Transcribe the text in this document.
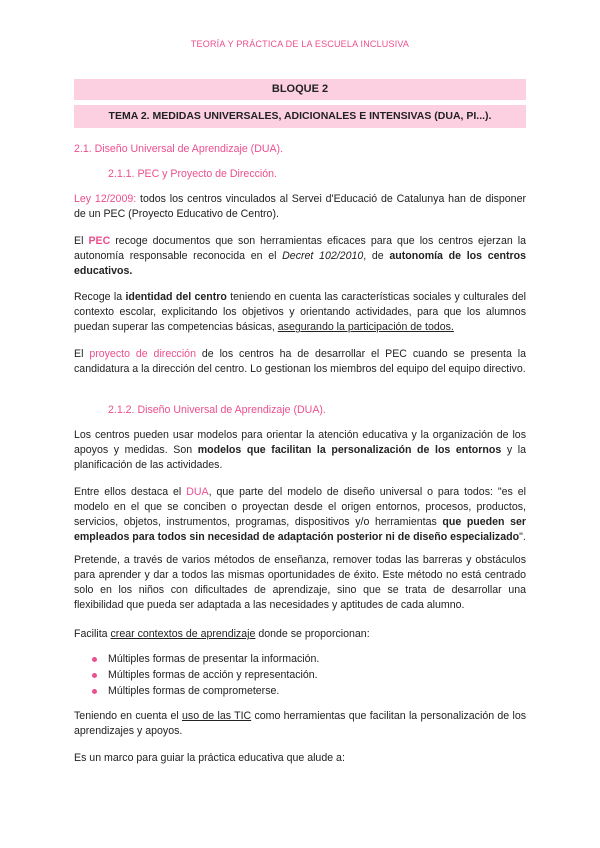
TEORÍA Y PRÁCTICA DE LA ESCUELA INCLUSIVA
BLOQUE 2
TEMA 2. MEDIDAS UNIVERSALES, ADICIONALES E INTENSIVAS (DUA, PI...).
2.1. Diseño Universal de Aprendizaje (DUA).
2.1.1. PEC y Proyecto de Dirección.
Ley 12/2009: todos los centros vinculados al Servei d'Educació de Catalunya han de disponer de un PEC (Proyecto Educativo de Centro).
El PEC recoge documentos que son herramientas eficaces para que los centros ejerzan la autonomía responsable reconocida en el Decret 102/2010, de autonomía de los centros educativos.
Recoge la identidad del centro teniendo en cuenta las características sociales y culturales del contexto escolar, explicitando los objetivos y orientando actividades, para que los alumnos puedan superar las competencias básicas, asegurando la participación de todos.
El proyecto de dirección de los centros ha de desarrollar el PEC cuando se presenta la candidatura a la dirección del centro. Lo gestionan los miembros del equipo del equipo directivo.
2.1.2. Diseño Universal de Aprendizaje (DUA).
Los centros pueden usar modelos para orientar la atención educativa y la organización de los apoyos y medidas. Son modelos que facilitan la personalización de los entornos y la planificación de las actividades.
Entre ellos destaca el DUA, que parte del modelo de diseño universal o para todos: "es el modelo en el que se conciben o proyectan desde el origen entornos, procesos, productos, servicios, objetos, instrumentos, programas, dispositivos y/o herramientas que pueden ser empleados para todos sin necesidad de adaptación posterior ni de diseño especializado".
Pretende, a través de varios métodos de enseñanza, remover todas las barreras y obstáculos para aprender y dar a todos las mismas oportunidades de éxito. Este método no está centrado solo en los niños con dificultades de aprendizaje, sino que se trata de desarrollar una flexibilidad que pueda ser adaptada a las necesidades y aptitudes de cada alumno.
Facilita crear contextos de aprendizaje donde se proporcionan:
Múltiples formas de presentar la información.
Múltiples formas de acción y representación.
Múltiples formas de comprometerse.
Teniendo en cuenta el uso de las TIC como herramientas que facilitan la personalización de los aprendizajes y apoyos.
Es un marco para guiar la práctica educativa que alude a:
